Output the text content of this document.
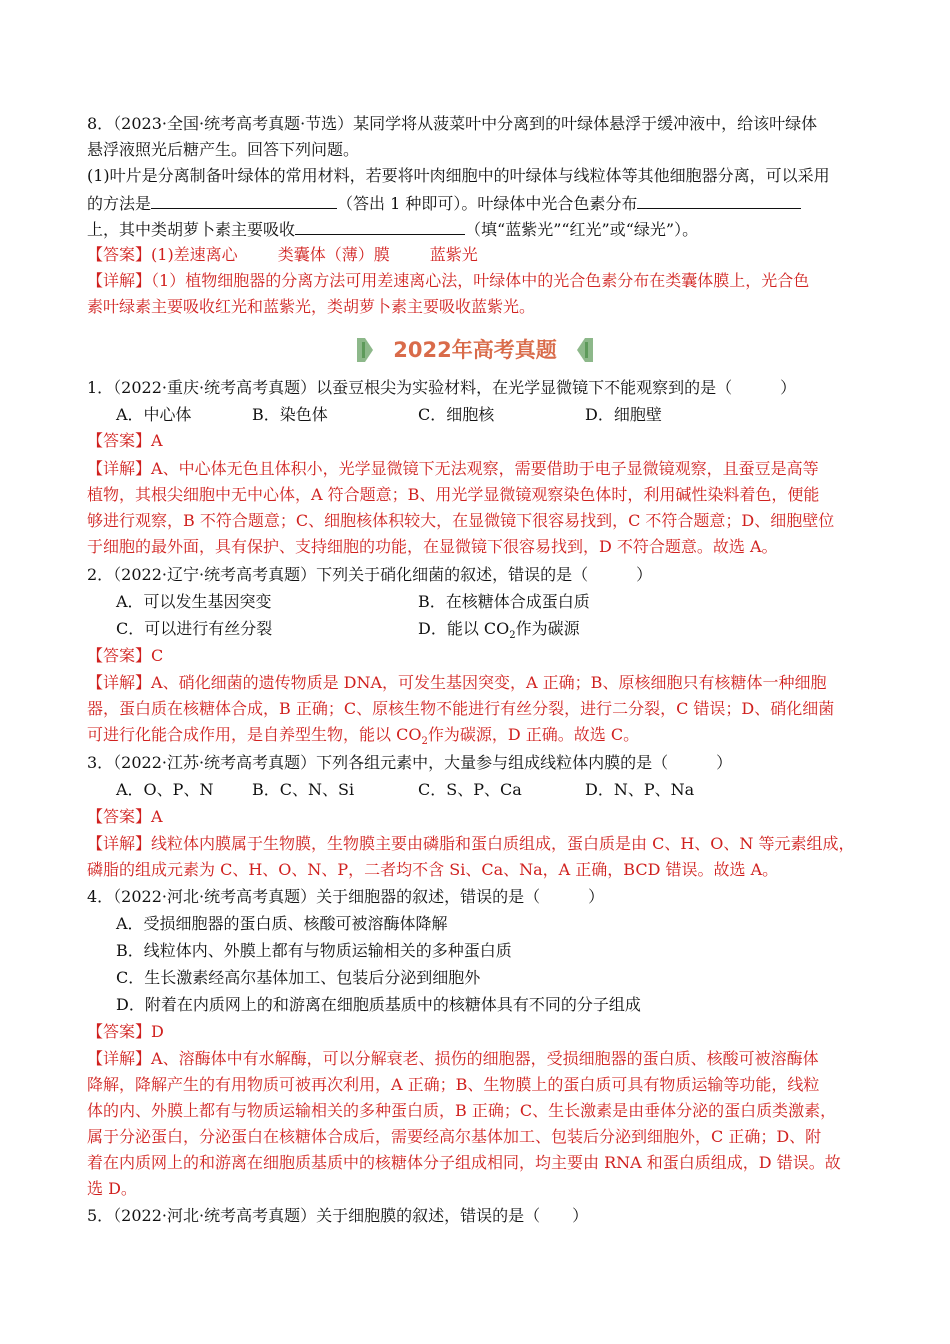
8．（2023·全国·统考高考真题·节选）某同学将从菠菜叶中分离到的叶绿体悬浮于缓冲液中，给该叶绿体
悬浮液照光后糖产生。回答下列问题。
(1)叶片是分离制备叶绿体的常用材料，若要将叶肉细胞中的叶绿体与线粒体等其他细胞器分离，可以采用
的方法是	（答出 1 种即可）。叶绿体中光合色素分布
上，其中类胡萝卜素主要吸收	（填“蓝紫光”“红光”或“绿光”）。
【答案】(1)差速离心	类囊体（薄）膜	蓝紫光
【详解】（1）植物细胞器的分离方法可用差速离心法，叶绿体中的光合色素分布在类囊体膜上，光合色
素叶绿素主要吸收红光和蓝紫光，类胡萝卜素主要吸收蓝紫光。
2022年高考真题
1．（2022·重庆·统考高考真题）以蚕豆根尖为实验材料，在光学显微镜下不能观察到的是（　　　）
A．中心体	B．染色体	C．细胞核	D．细胞壁
【答案】A
【详解】A、中心体无色且体积小，光学显微镜下无法观察，需要借助于电子显微镜观察，且蚕豆是高等
植物，其根尖细胞中无中心体，A 符合题意；B、用光学显微镜观察染色体时，利用碱性染料着色，便能
够进行观察，B 不符合题意；C、细胞核体积较大，在显微镜下很容易找到，C 不符合题意；D、细胞壁位
于细胞的最外面，具有保护、支持细胞的功能，在显微镜下很容易找到，D 不符合题意。故选 A。
2．（2022·辽宁·统考高考真题）下列关于硝化细菌的叙述，错误的是（　　　）
A．可以发生基因突变	B．在核糖体合成蛋白质
C．可以进行有丝分裂	D．能以 $CO_2$作为碳源
【答案】C
【详解】A、硝化细菌的遗传物质是 DNA，可发生基因突变，A 正确；B、原核细胞只有核糖体一种细胞
器，蛋白质在核糖体合成，B 正确；C、原核生物不能进行有丝分裂，进行二分裂，C 错误；D、硝化细菌
可进行化能合成作用，是自养型生物，能以 $CO_2$作为碳源，D 正确。故选 C。
3．（2022·江苏·统考高考真题）下列各组元素中，大量参与组成线粒体内膜的是（　　　）
A．O、P、N B．C、N、Si	C．S、P、Ca	D．N、P、Na
【答案】A
【详解】线粒体内膜属于生物膜，生物膜主要由磷脂和蛋白质组成，蛋白质是由 C、H、O、N 等元素组成，
磷脂的组成元素为 C、H、O、N、P，二者均不含 Si、Ca、Na，A 正确，BCD 错误。故选 A。
4．（2022·河北·统考高考真题）关于细胞器的叙述，错误的是（　　　）
A．受损细胞器的蛋白质、核酸可被溶酶体降解
B．线粒体内、外膜上都有与物质运输相关的多种蛋白质
C．生长激素经高尔基体加工、包装后分泌到细胞外
D．附着在内质网上的和游离在细胞质基质中的核糖体具有不同的分子组成
【答案】D
【详解】A、溶酶体中有水解酶，可以分解衰老、损伤的细胞器，受损细胞器的蛋白质、核酸可被溶酶体
降解，降解产生的有用物质可被再次利用，A 正确；B、生物膜上的蛋白质可具有物质运输等功能，线粒
体的内、外膜上都有与物质运输相关的多种蛋白质，B 正确；C、生长激素是由垂体分泌的蛋白质类激素，
属于分泌蛋白，分泌蛋白在核糖体合成后，需要经高尔基体加工、包装后分泌到细胞外，C 正确；D、附
着在内质网上的和游离在细胞质基质中的核糖体分子组成相同，均主要由 RNA 和蛋白质组成，D 错误。故
选 D。
5．（2022·河北·统考高考真题）关于细胞膜的叙述，错误的是（　　）
